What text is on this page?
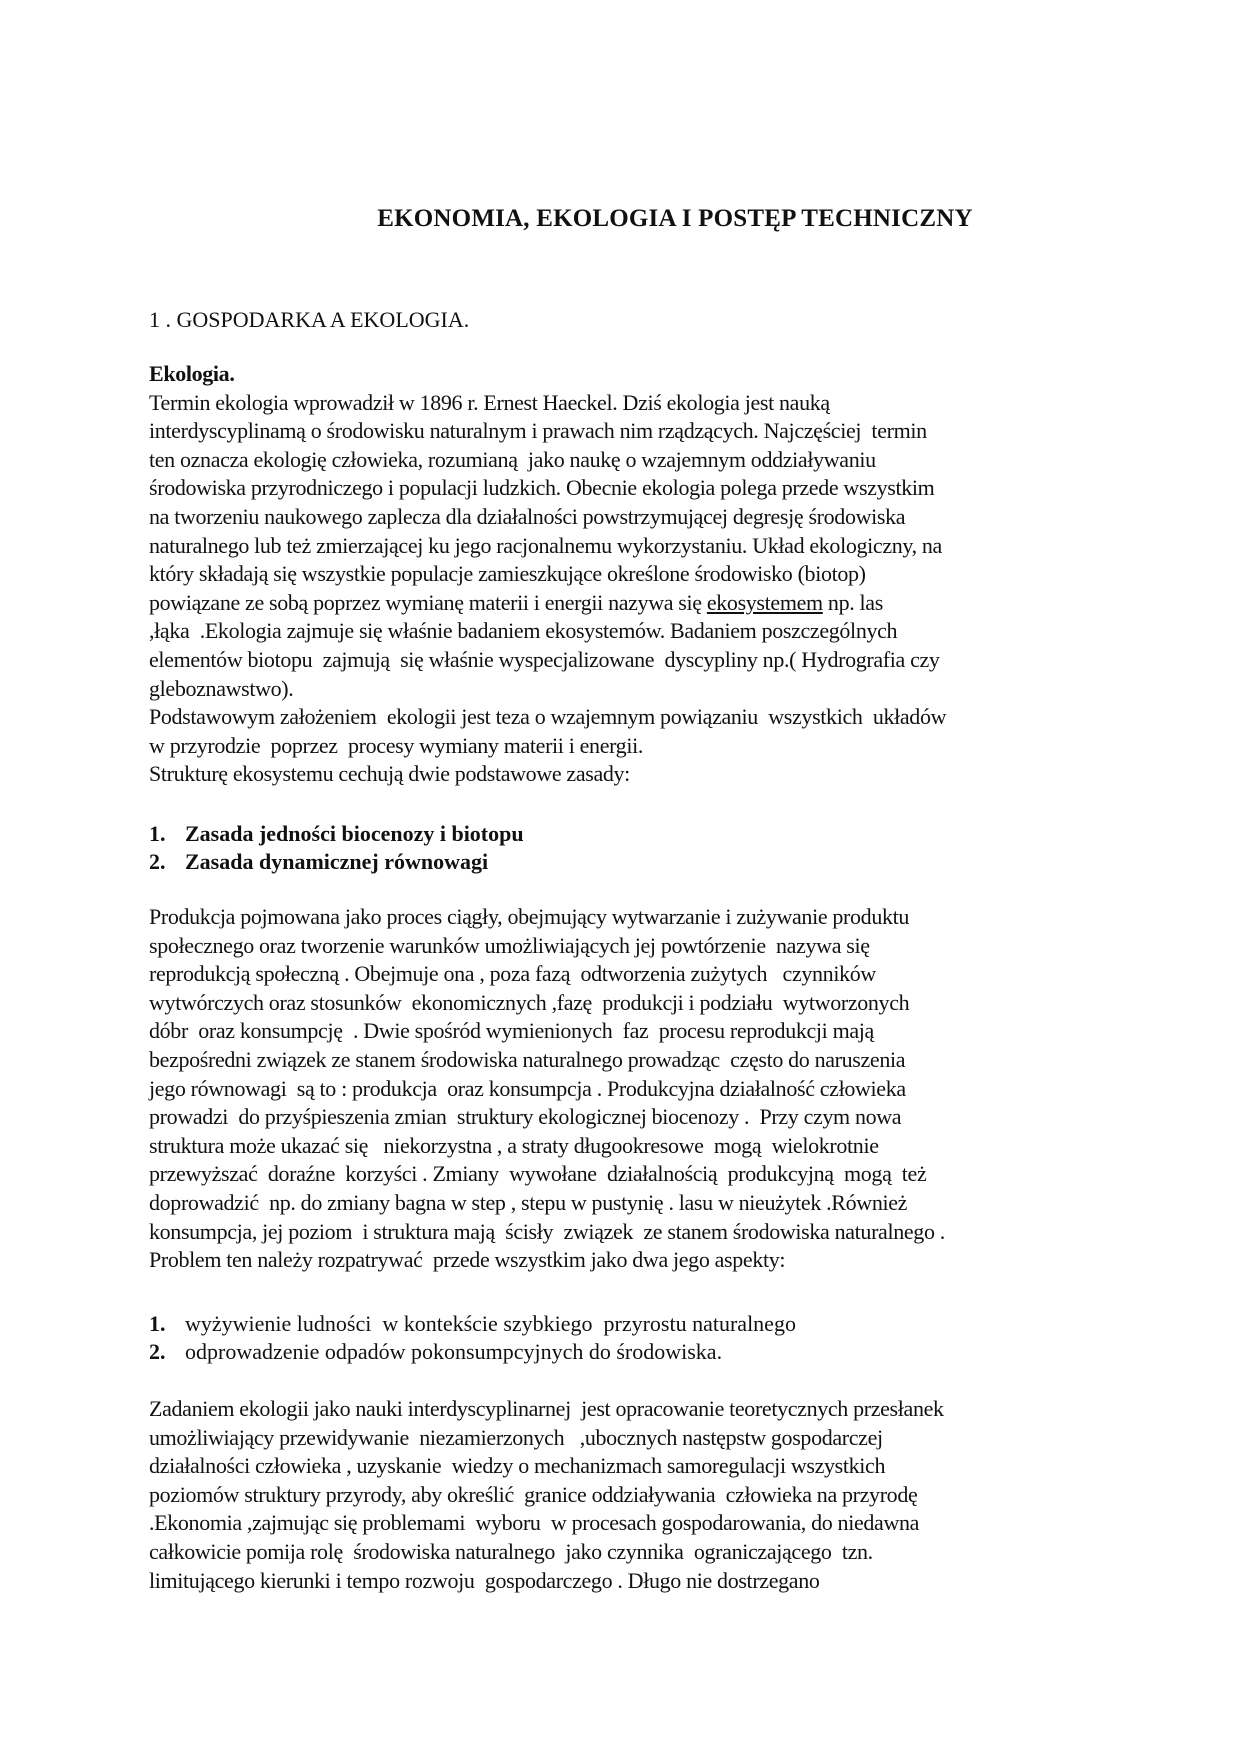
EKONOMIA, EKOLOGIA I POSTĘP TECHNICZNY
1 . GOSPODARKA A EKOLOGIA.
Ekologia.
Termin ekologia wprowadził w 1896 r. Ernest Haeckel. Dziś ekologia jest nauką
interdyscyplinamą o środowisku naturalnym i prawach nim rządzących. Najczęściej  termin
ten oznacza ekologię człowieka, rozumianą  jako naukę o wzajemnym oddziaływaniu
środowiska przyrodniczego i populacji ludzkich. Obecnie ekologia polega przede wszystkim
na tworzeniu naukowego zaplecza dla działalności powstrzymującej degresję środowiska
naturalnego lub też zmierzającej ku jego racjonalnemu wykorzystaniu. Układ ekologiczny, na
który składają się wszystkie populacje zamieszkujące określone środowisko (biotop)
powiązane ze sobą poprzez wymianę materii i energii nazywa się ekosystemem np. las
,łąka  .Ekologia zajmuje się właśnie badaniem ekosystemów. Badaniem poszczególnych
elementów biotopu  zajmują  się właśnie wyspecjalizowane  dyscypliny np.( Hydrografia czy
gleboznawstwo).
Podstawowym założeniem  ekologii jest teza o wzajemnym powiązaniu  wszystkich  układów
w przyrodzie  poprzez  procesy wymiany materii i energii.
Strukturę ekosystemu cechują dwie podstawowe zasady:
1. Zasada jedności biocenozy i biotopu
2. Zasada dynamicznej równowagi
Produkcja pojmowana jako proces ciągły, obejmujący wytwarzanie i zużywanie produktu
społecznego oraz tworzenie warunków umożliwiających jej powtórzenie  nazywa się
reprodukcją społeczną . Obejmuje ona , poza fazą  odtworzenia zużytych   czynników
wytwórczych oraz stosunków  ekonomicznych ,fazę  produkcji i podziału  wytworzonych
dóbr  oraz konsumpcję  . Dwie spośród wymienionych  faz  procesu reprodukcji mają
bezpośredni związek ze stanem środowiska naturalnego prowadząc  często do naruszenia
jego równowagi  są to : produkcja  oraz konsumpcja . Produkcyjna działalność człowieka
prowadzi  do przyśpieszenia zmian  struktury ekologicznej biocenozy .  Przy czym nowa
struktura może ukazać się   niekorzystna , a straty długookresowe  mogą  wielokrotnie
przewyższać  doraźne  korzyści . Zmiany  wywołane  działalnością  produkcyjną  mogą  też
doprowadzić  np. do zmiany bagna w step , stepu w pustynię . lasu w nieużytek .Również
konsumpcja, jej poziom  i struktura mają  ścisły  związek  ze stanem środowiska naturalnego .
Problem ten należy rozpatrywać  przede wszystkim jako dwa jego aspekty:
1. wyżywienie ludności  w kontekście szybkiego  przyrostu naturalnego
2. odprowadzenie odpadów pokonsumpcyjnych do środowiska.
Zadaniem ekologii jako nauki interdyscyplinarnej  jest opracowanie teoretycznych przesłanek
umożliwiający przewidywanie  niezamierzonych   ,ubocznych następstw gospodarczej
działalności człowieka , uzyskanie  wiedzy o mechanizmach samoregulacji wszystkich
poziomów struktury przyrody, aby określić  granice oddziaływania  człowieka na przyrodę
.Ekonomia ,zajmując się problemami  wyboru  w procesach gospodarowania, do niedawna
całkowicie pomija rolę  środowiska naturalnego  jako czynnika  ograniczającego  tzn.
limitującego kierunki i tempo rozwoju  gospodarczego . Długo nie dostrzegano
